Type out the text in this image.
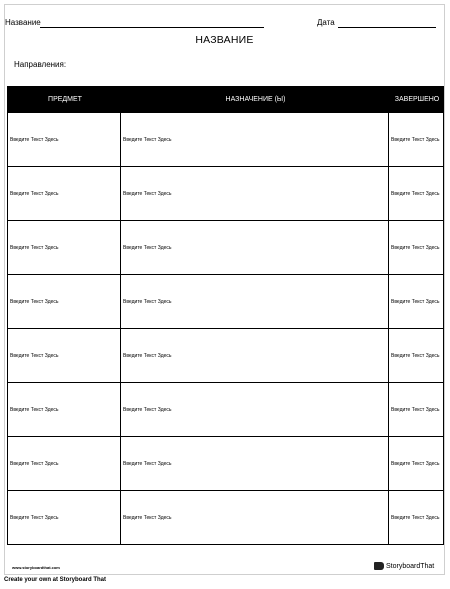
Название	Дата
НАЗВАНИЕ
Направления:
ПРЕДМЕТ	НАЗНАЧЕНИЕ (Ы)	ЗАВЕРШЕНО
Введите Текст Здесь	Введите Текст Здесь	Введите Текст Здесь
Введите Текст Здесь	Введите Текст Здесь	Введите Текст Здесь
Введите Текст Здесь	Введите Текст Здесь	Введите Текст Здесь
Введите Текст Здесь	Введите Текст Здесь	Введите Текст Здесь
Введите Текст Здесь	Введите Текст Здесь	Введите Текст Здесь
Введите Текст Здесь	Введите Текст Здесь	Введите Текст Здесь
Введите Текст Здесь	Введите Текст Здесь	Введите Текст Здесь
Введите Текст Здесь	Введите Текст Здесь	Введите Текст Здесь
www.storyboardthat.com	StoryboardThat
Create your own at Storyboard That
